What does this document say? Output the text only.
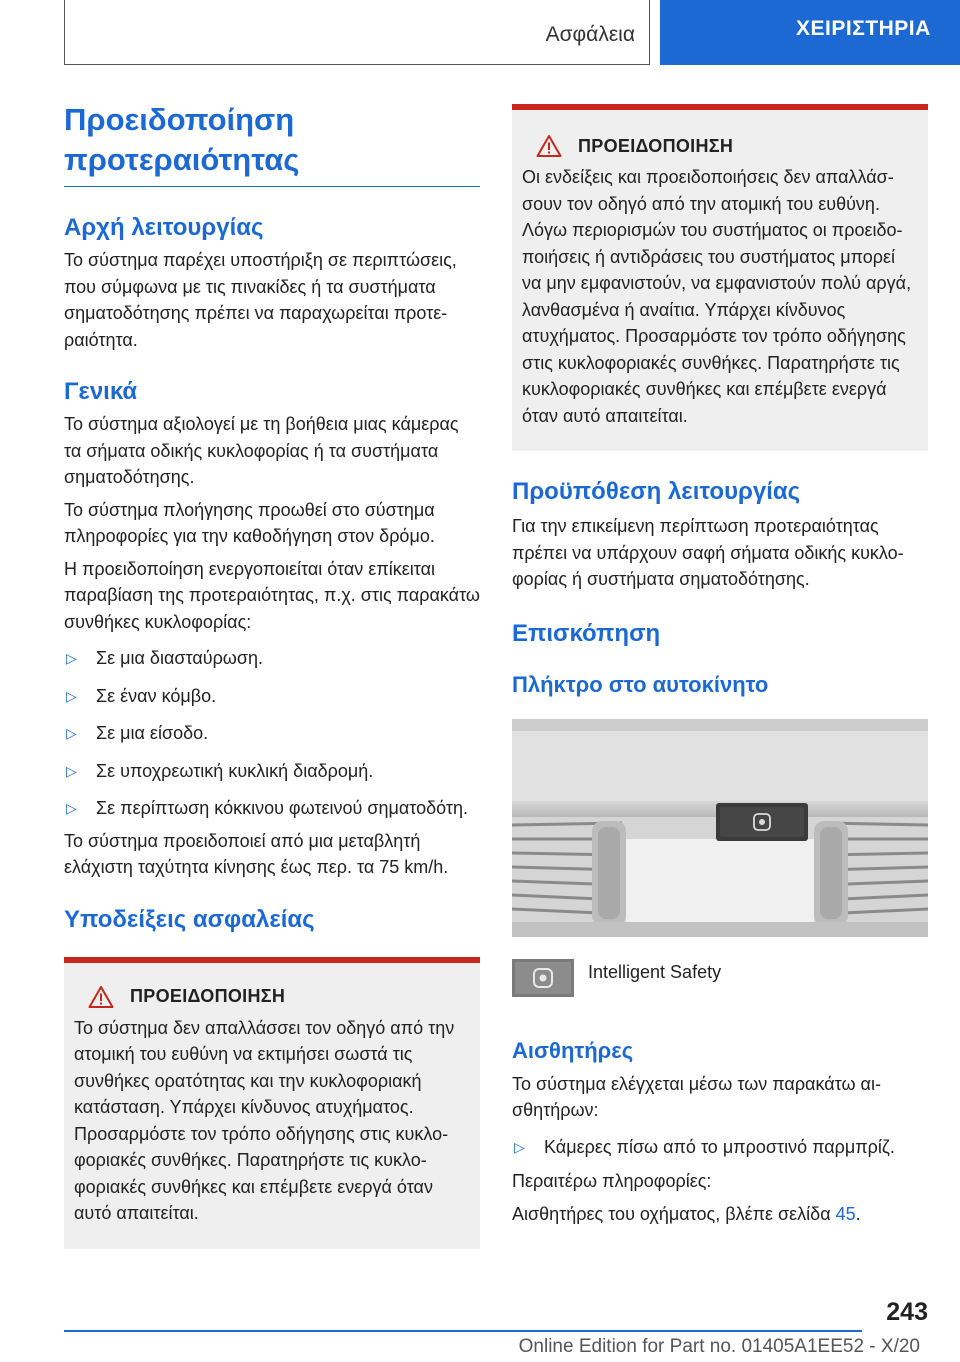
Ασφάλεια	ΧΕΙΡΙΣΤΗΡΙΑ
Προειδοποίηση προτεραιότητας
Αρχή λειτουργίας

Το σύστημα παρέχει υποστήριξη σε περιπτώσεις, που σύμφωνα με τις πινακίδες ή τα συστήματα σηματοδότησης πρέπει να παραχωρείται προτεραιότητα.

Γενικά

Το σύστημα αξιολογεί με τη βοήθεια μιας κάμερας τα σήματα οδικής κυκλοφορίας ή τα συστήματα σηματοδότησης.

Το σύστημα πλοήγησης προωθεί στο σύστημα πληροφορίες για την καθοδήγηση στον δρόμο.

Η προειδοποίηση ενεργοποιείται όταν επίκειται παραβίαση της προτεραιότητας, π.χ. στις παρακάτω συνθήκες κυκλοφορίας:

▷ Σε μια διασταύρωση.
▷ Σε έναν κόμβο.
▷ Σε μια είσοδο.
▷ Σε υποχρεωτική κυκλική διαδρομή.
▷ Σε περίπτωση κόκκινου φωτεινού σηματοδότη.

Το σύστημα προειδοποιεί από μια μεταβλητή ελάχιστη ταχύτητα κίνησης έως περ. τα 75 km/h.

Υποδείξεις ασφαλείας
ΠΡΟΕΙΔΟΠΟΙΗΣΗ

Το σύστημα δεν απαλλάσσει τον οδηγό από την ατομική του ευθύνη να εκτιμήσει σωστά τις συνθήκες ορατότητας και την κυκλοφοριακή κατάσταση. Υπάρχει κίνδυνος ατυχήματος. Προσαρμόστε τον τρόπο οδήγησης στις κυκλοφοριακές συνθήκες. Παρατηρήστε τις κυκλοφοριακές συνθήκες και επέμβετε ενεργά όταν αυτό απαιτείται.

ΠΡΟΕΙΔΟΠΟΙΗΣΗ

Οι ενδείξεις και προειδοποιήσεις δεν απαλλάσσουν τον οδηγό από την ατομική του ευθύνη. Λόγω περιορισμών του συστήματος οι προειδοποιήσεις ή αντιδράσεις του συστήματος μπορεί να μην εμφανιστούν, να εμφανιστούν πολύ αργά, λανθασμένα ή αναίτια. Υπάρχει κίνδυνος ατυχήματος. Προσαρμόστε τον τρόπο οδήγησης στις κυκλοφοριακές συνθήκες. Παρατηρήστε τις κυκλοφοριακές συνθήκες και επέμβετε ενεργά όταν αυτό απαιτείται.

Προϋπόθεση λειτουργίας

Για την επικείμενη περίπτωση προτεραιότητας πρέπει να υπάρχουν σαφή σήματα οδικής κυκλοφορίας ή συστήματα σηματοδότησης.

Επισκόπηση
Πλήκτρο στο αυτοκίνητο
Intelligent Safety
Αισθητήρες

Το σύστημα ελέγχεται μέσω των παρακάτω αισθητήρων:

▷ Κάμερες πίσω από το μπροστινό παρμπρίζ.

Περαιτέρω πληροφορίες:

Αισθητήρες του οχήματος, βλέπε σελίδα 45.

243
Online Edition for Part no. 01405A1EE52 - X/20
